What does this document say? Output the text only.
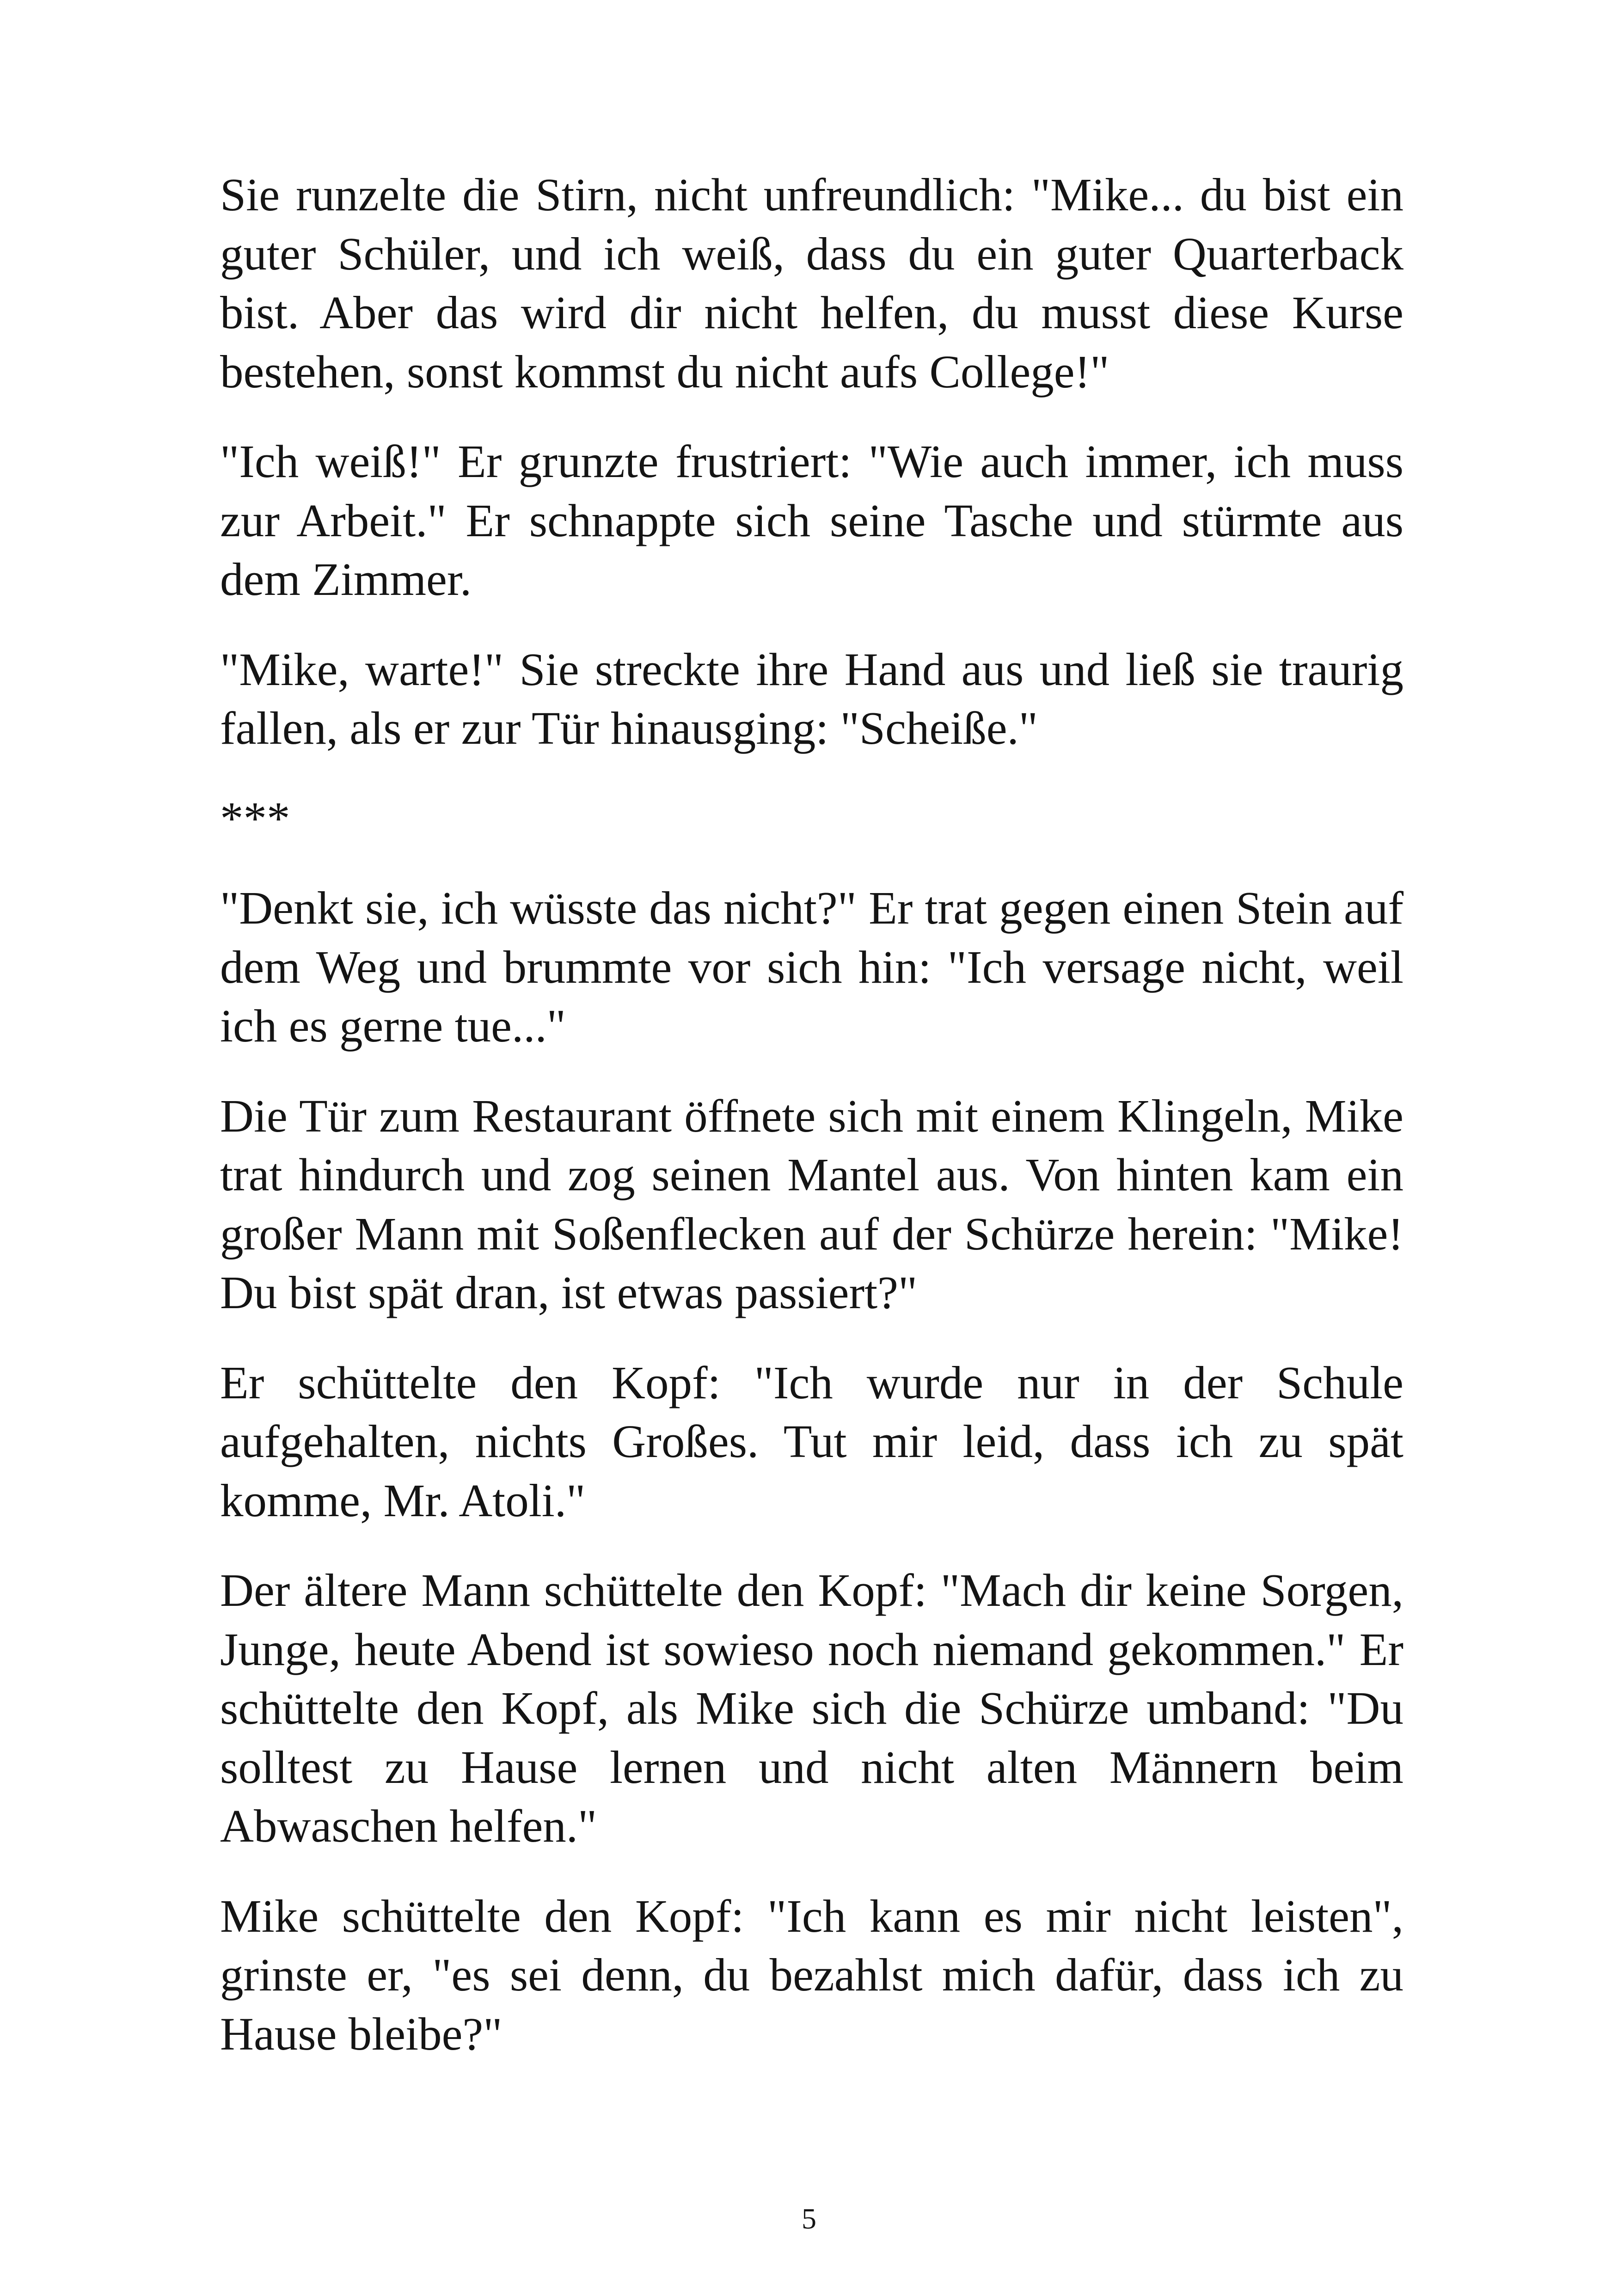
Sie runzelte die Stirn, nicht unfreundlich: "Mike... du bist ein guter Schüler, und ich weiß, dass du ein guter Quarterback bist. Aber das wird dir nicht helfen, du musst diese Kurse bestehen, sonst kommst du nicht aufs College!"

"Ich weiß!" Er grunzte frustriert: "Wie auch immer, ich muss zur Arbeit." Er schnappte sich seine Tasche und stürmte aus dem Zimmer.

"Mike, warte!" Sie streckte ihre Hand aus und ließ sie traurig fallen, als er zur Tür hinausging: "Scheiße."

***

"Denkt sie, ich wüsste das nicht?" Er trat gegen einen Stein auf dem Weg und brummte vor sich hin: "Ich versage nicht, weil ich es gerne tue..."

Die Tür zum Restaurant öffnete sich mit einem Klingeln, Mike trat hindurch und zog seinen Mantel aus. Von hinten kam ein großer Mann mit Soßenflecken auf der Schürze herein: "Mike! Du bist spät dran, ist etwas passiert?"

Er schüttelte den Kopf: "Ich wurde nur in der Schule aufgehalten, nichts Großes. Tut mir leid, dass ich zu spät komme, Mr. Atoli."

Der ältere Mann schüttelte den Kopf: "Mach dir keine Sorgen, Junge, heute Abend ist sowieso noch niemand gekommen." Er schüttelte den Kopf, als Mike sich die Schürze umband: "Du solltest zu Hause lernen und nicht alten Männern beim Abwaschen helfen."

Mike schüttelte den Kopf: "Ich kann es mir nicht leisten", grinste er, "es sei denn, du bezahlst mich dafür, dass ich zu Hause bleibe?"

5
